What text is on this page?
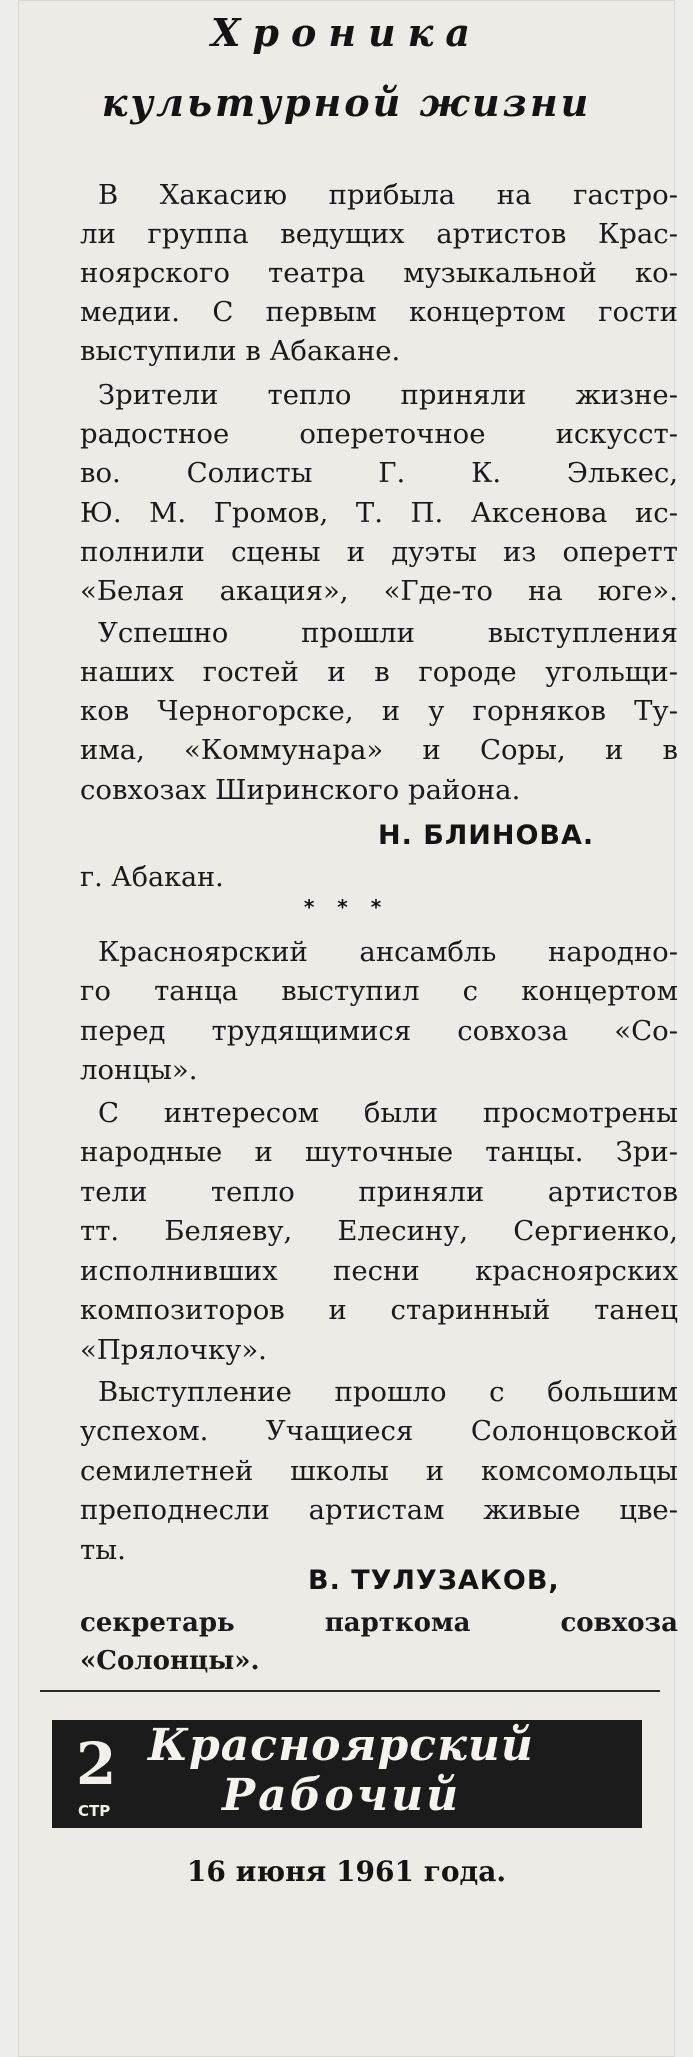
Хроника

культурной жизни

В Хакасию прибыла на гастро-

ли группа ведущих артистов Крас-

ноярского театра музыкальной ко-

медии. С первым концертом гости

выступили в Абакане.

Зрители тепло приняли жизне-

радостное опереточное искусст-

во. Солисты Г. К. Элькес,

Ю. М. Громов, Т. П. Аксенова ис-

полнили сцены и дуэты из оперетт

«Белая акация», «Где-то на юге».

Успешно прошли выступления

наших гостей и в городе угольщи-

ков Черногорске, и у горняков Ту-

има, «Коммунара» и Соры, и в

совхозах Ширинского района.

Н. БЛИНОВА.

г. Абакан.

* * *

Красноярский ансамбль народно-

го танца выступил с концертом

перед трудящимися совхоза «Со-

лонцы».

С интересом были просмотрены

народные и шуточные танцы. Зри-

тели тепло приняли артистов

тт. Беляеву, Елесину, Сергиенко,

исполнивших песни красноярских

композиторов и старинный танец

«Прялочку».

Выступление прошло с большим

успехом. Учащиеся Солонцовской

семилетней школы и комсомольцы

преподнесли артистам живые цве-

ты.

В. ТУЛУЗАКОВ,

секретарь парткома совхоза

«Солонцы».

2

СТР

Красноярский

Рабочий

16 июня 1961 года.
